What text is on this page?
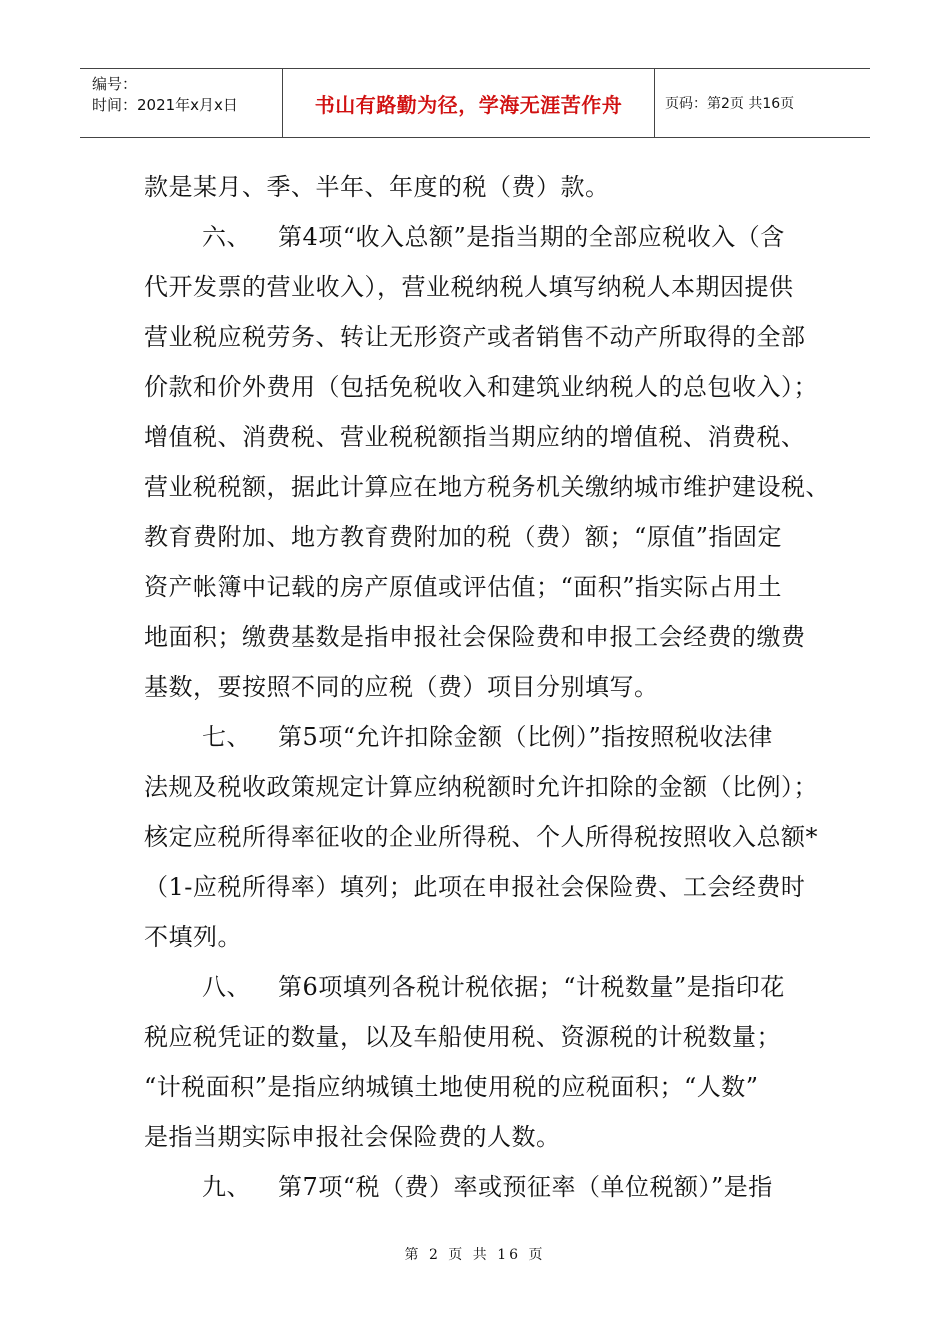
编号：
时间：2021年x月x日	书山有路勤为径，学海无涯苦作舟	页码：第2页 共16页
款是某月、季、半年、年度的税（费）款。
六、 第4项“收入总额”是指当期的全部应税收入（含
代开发票的营业收入），营业税纳税人填写纳税人本期因提供
营业税应税劳务、转让无形资产或者销售不动产所取得的全部
价款和价外费用（包括免税收入和建筑业纳税人的总包收入）；
增值税、消费税、营业税税额指当期应纳的增值税、消费税、
营业税税额，据此计算应在地方税务机关缴纳城市维护建设税、
教育费附加、地方教育费附加的税（费）额；“原值”指固定
资产帐簿中记载的房产原值或评估值；“面积”指实际占用土
地面积；缴费基数是指申报社会保险费和申报工会经费的缴费
基数，要按照不同的应税（费）项目分别填写。
七、 第5项“允许扣除金额（比例）”指按照税收法律
法规及税收政策规定计算应纳税额时允许扣除的金额（比例）；
核定应税所得率征收的企业所得税、个人所得税按照收入总额*
（1-应税所得率）填列；此项在申报社会保险费、工会经费时
不填列。
八、 第6项填列各税计税依据；“计税数量”是指印花
税应税凭证的数量，以及车船使用税、资源税的计税数量；
“计税面积”是指应纳城镇土地使用税的应税面积；“人数”
是指当期实际申报社会保险费的人数。
九、 第7项“税（费）率或预征率（单位税额）”是指
第 2 页 共 16 页
